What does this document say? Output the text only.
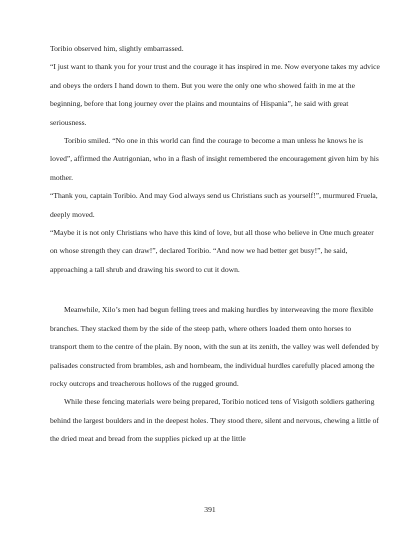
Toribio observed him, slightly embarrassed.

“I just want to thank you for your trust and the courage it has inspired in me. Now everyone takes my advice and obeys the orders I hand down to them. But you were the only one who showed faith in me at the beginning, before that long journey over the plains and mountains of Hispania”, he said with great seriousness.

Toribio smiled. “No one in this world can find the courage to become a man unless he knows he is loved”, affirmed the Autrigonian, who in a flash of insight remembered the encouragement given him by his mother.

“Thank you, captain Toribio. And may God always send us Christians such as yourself!”, murmured Fruela, deeply moved.

“Maybe it is not only Christians who have this kind of love, but all those who believe in One much greater on whose strength they can draw!”, declared Toribio. “And now we had better get busy!”, he said, approaching a tall shrub and drawing his sword to cut it down.

Meanwhile, Xilo’s men had begun felling trees and making hurdles by interweaving the more flexible branches. They stacked them by the side of the steep path, where others loaded them onto horses to transport them to the centre of the plain. By noon, with the sun at its zenith, the valley was well defended by palisades constructed from brambles, ash and hornbeam, the individual hurdles carefully placed among the rocky outcrops and treacherous hollows of the rugged ground.

While these fencing materials were being prepared, Toribio noticed tens of Visigoth soldiers gathering behind the largest boulders and in the deepest holes. They stood there, silent and nervous, chewing a little of the dried meat and bread from the supplies picked up at the little

391
